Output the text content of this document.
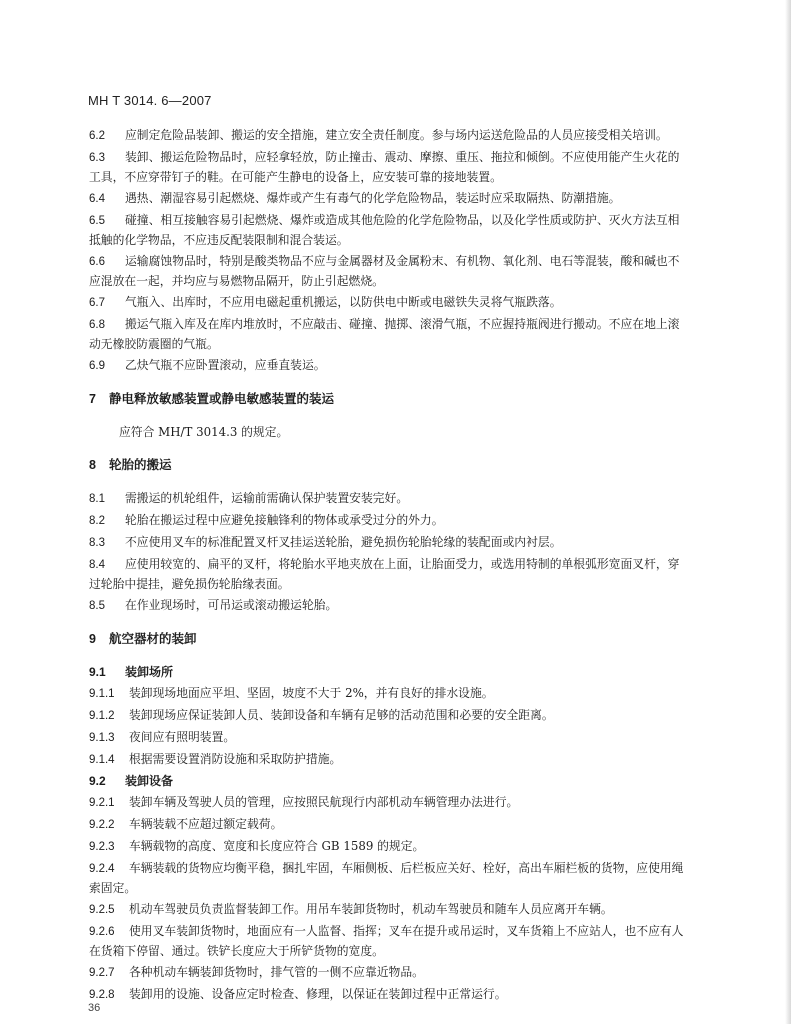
MH T 3014. 6—2007
6.2 应制定危险品装卸、搬运的安全措施，建立安全责任制度。参与场内运送危险品的人员应接受相关培训。
6.3 装卸、搬运危险物品时，应轻拿轻放，防止撞击、震动、摩擦、重压、拖拉和倾倒。不应使用能产生火花的工具，不应穿带钉子的鞋。在可能产生静电的设备上，应安装可靠的接地装置。
6.4 遇热、潮湿容易引起燃烧、爆炸或产生有毒气的化学危险物品，装运时应采取隔热、防潮措施。
6.5 碰撞、相互接触容易引起燃烧、爆炸或造成其他危险的化学危险物品，以及化学性质或防护、灭火方法互相抵触的化学物品，不应违反配装限制和混合装运。
6.6 运输腐蚀物品时，特别是酸类物品不应与金属器材及金属粉末、有机物、氧化剂、电石等混装，酸和碱也不应混放在一起，并均应与易燃物品隔开，防止引起燃烧。
6.7 气瓶入、出库时，不应用电磁起重机搬运，以防供电中断或电磁铁失灵将气瓶跌落。
6.8 搬运气瓶入库及在库内堆放时，不应敲击、碰撞、抛掷、滚滑气瓶，不应握持瓶阀进行搬动。不应在地上滚动无橡胶防震圈的气瓶。
6.9 乙炔气瓶不应卧置滚动，应垂直装运。
7 静电释放敏感装置或静电敏感装置的装运
应符合 MH/T 3014.3 的规定。
8 轮胎的搬运
8.1 需搬运的机轮组件，运输前需确认保护装置安装完好。
8.2 轮胎在搬运过程中应避免接触锋利的物体或承受过分的外力。
8.3 不应使用叉车的标准配置叉杆叉挂运送轮胎，避免损伤轮胎轮缘的装配面或内衬层。
8.4 应使用较宽的、扁平的叉杆，将轮胎水平地夹放在上面，让胎面受力，或选用特制的单根弧形宽面叉杆，穿过轮胎中提挂，避免损伤轮胎缘表面。
8.5 在作业现场时，可吊运或滚动搬运轮胎。
9 航空器材的装卸
9.1 装卸场所
9.1.1 装卸现场地面应平坦、坚固，坡度不大于 2%，并有良好的排水设施。
9.1.2 装卸现场应保证装卸人员、装卸设备和车辆有足够的活动范围和必要的安全距离。
9.1.3 夜间应有照明装置。
9.1.4 根据需要设置消防设施和采取防护措施。
9.2 装卸设备
9.2.1 装卸车辆及驾驶人员的管理，应按照民航现行内部机动车辆管理办法进行。
9.2.2 车辆装载不应超过额定载荷。
9.2.3 车辆载物的高度、宽度和长度应符合 GB 1589 的规定。
9.2.4 车辆装载的货物应均衡平稳，捆扎牢固，车厢侧板、后栏板应关好、栓好，高出车厢栏板的货物，应使用绳索固定。
9.2.5 机动车驾驶员负责监督装卸工作。用吊车装卸货物时，机动车驾驶员和随车人员应离开车辆。
9.2.6 使用叉车装卸货物时，地面应有一人监督、指挥；叉车在提升或吊运时，叉车货箱上不应站人，也不应有人在货箱下停留、通过。铁铲长度应大于所铲货物的宽度。
9.2.7 各种机动车辆装卸货物时，排气管的一侧不应靠近物品。
9.2.8 装卸用的设施、设备应定时检查、修理，以保证在装卸过程中正常运行。
36
